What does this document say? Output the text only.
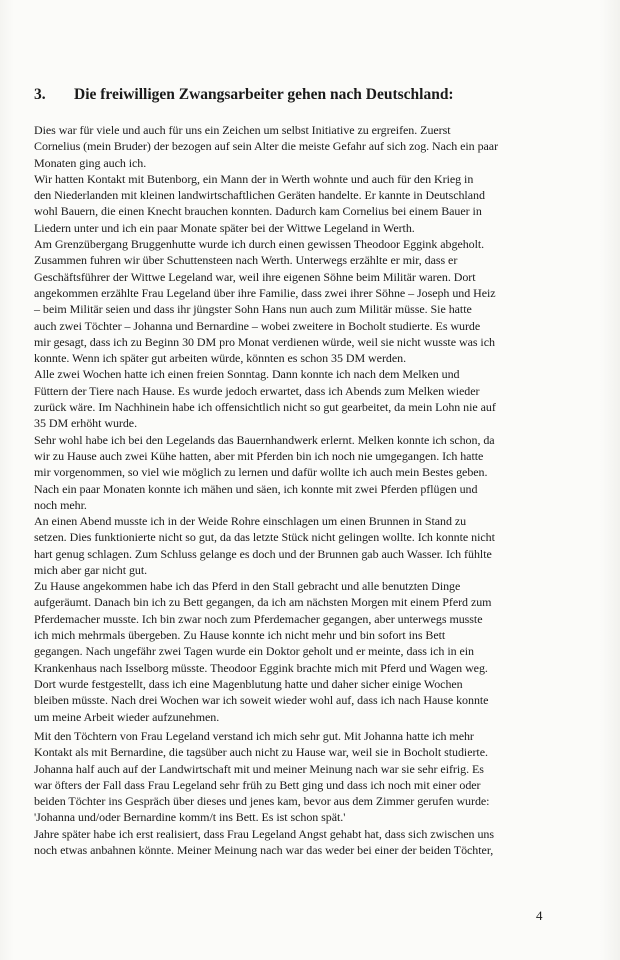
3. Die freiwilligen Zwangsarbeiter gehen nach Deutschland:
Dies war für viele und auch für uns ein Zeichen um selbst Initiative zu ergreifen. Zuerst
Cornelius (mein Bruder) der bezogen auf sein Alter die meiste Gefahr auf sich zog. Nach ein paar
Monaten ging auch ich.
Wir hatten Kontakt mit Butenborg, ein Mann der in Werth wohnte und auch für den Krieg in
den Niederlanden mit kleinen landwirtschaftlichen Geräten handelte. Er kannte in Deutschland
wohl Bauern, die einen Knecht brauchen konnten. Dadurch kam Cornelius bei einem Bauer in
Liedern unter und ich ein paar Monate später bei der Wittwe Legeland in Werth.
Am Grenzübergang Bruggenhutte wurde ich durch einen gewissen Theodoor Eggink abgeholt.
Zusammen fuhren wir über Schuttensteen nach Werth. Unterwegs erzählte er mir, dass er
Geschäftsführer der Wittwe Legeland war, weil ihre eigenen Söhne beim Militär waren. Dort
angekommen erzählte Frau Legeland über ihre Familie, dass zwei ihrer Söhne – Joseph und Heiz
– beim Militär seien und dass ihr jüngster Sohn Hans nun auch zum Militär müsse. Sie hatte
auch zwei Töchter – Johanna und Bernardine – wobei zweitere in Bocholt studierte. Es wurde
mir gesagt, dass ich zu Beginn 30 DM pro Monat verdienen würde, weil sie nicht wusste was ich
konnte. Wenn ich später gut arbeiten würde, könnten es schon 35 DM werden.
Alle zwei Wochen hatte ich einen freien Sonntag. Dann konnte ich nach dem Melken und
Füttern der Tiere nach Hause. Es wurde jedoch erwartet, dass ich Abends zum Melken wieder
zurück wäre. Im Nachhinein habe ich offensichtlich nicht so gut gearbeitet, da mein Lohn nie auf
35 DM erhöht wurde.
Sehr wohl habe ich bei den Legelands das Bauernhandwerk erlernt. Melken konnte ich schon, da
wir zu Hause auch zwei Kühe hatten, aber mit Pferden bin ich noch nie umgegangen. Ich hatte
mir vorgenommen, so viel wie möglich zu lernen und dafür wollte ich auch mein Bestes geben.
Nach ein paar Monaten konnte ich mähen und säen, ich konnte mit zwei Pferden pflügen und
noch mehr.
An einen Abend musste ich in der Weide Rohre einschlagen um einen Brunnen in Stand zu
setzen. Dies funktionierte nicht so gut, da das letzte Stück nicht gelingen wollte. Ich konnte nicht
hart genug schlagen. Zum Schluss gelange es doch und der Brunnen gab auch Wasser. Ich fühlte
mich aber gar nicht gut.
Zu Hause angekommen habe ich das Pferd in den Stall gebracht und alle benutzten Dinge
aufgeräumt. Danach bin ich zu Bett gegangen, da ich am nächsten Morgen mit einem Pferd zum
Pferdemacher musste. Ich bin zwar noch zum Pferdemacher gegangen, aber unterwegs musste
ich mich mehrmals übergeben. Zu Hause konnte ich nicht mehr und bin sofort ins Bett
gegangen. Nach ungefähr zwei Tagen wurde ein Doktor geholt und er meinte, dass ich in ein
Krankenhaus nach Isselborg müsste. Theodoor Eggink brachte mich mit Pferd und Wagen weg.
Dort wurde festgestellt, dass ich eine Magenblutung hatte und daher sicher einige Wochen
bleiben müsste. Nach drei Wochen war ich soweit wieder wohl auf, dass ich nach Hause konnte
um meine Arbeit wieder aufzunehmen.
Mit den Töchtern von Frau Legeland verstand ich mich sehr gut. Mit Johanna hatte ich mehr
Kontakt als mit Bernardine, die tagsüber auch nicht zu Hause war, weil sie in Bocholt studierte.
Johanna half auch auf der Landwirtschaft mit und meiner Meinung nach war sie sehr eifrig. Es
war öfters der Fall dass Frau Legeland sehr früh zu Bett ging und dass ich noch mit einer oder
beiden Töchter ins Gespräch über dieses und jenes kam, bevor aus dem Zimmer gerufen wurde:
'Johanna und/oder Bernardine komm/t ins Bett. Es ist schon spät.'
Jahre später habe ich erst realisiert, dass Frau Legeland Angst gehabt hat, dass sich zwischen uns
noch etwas anbahnen könnte. Meiner Meinung nach war das weder bei einer der beiden Töchter,
4
